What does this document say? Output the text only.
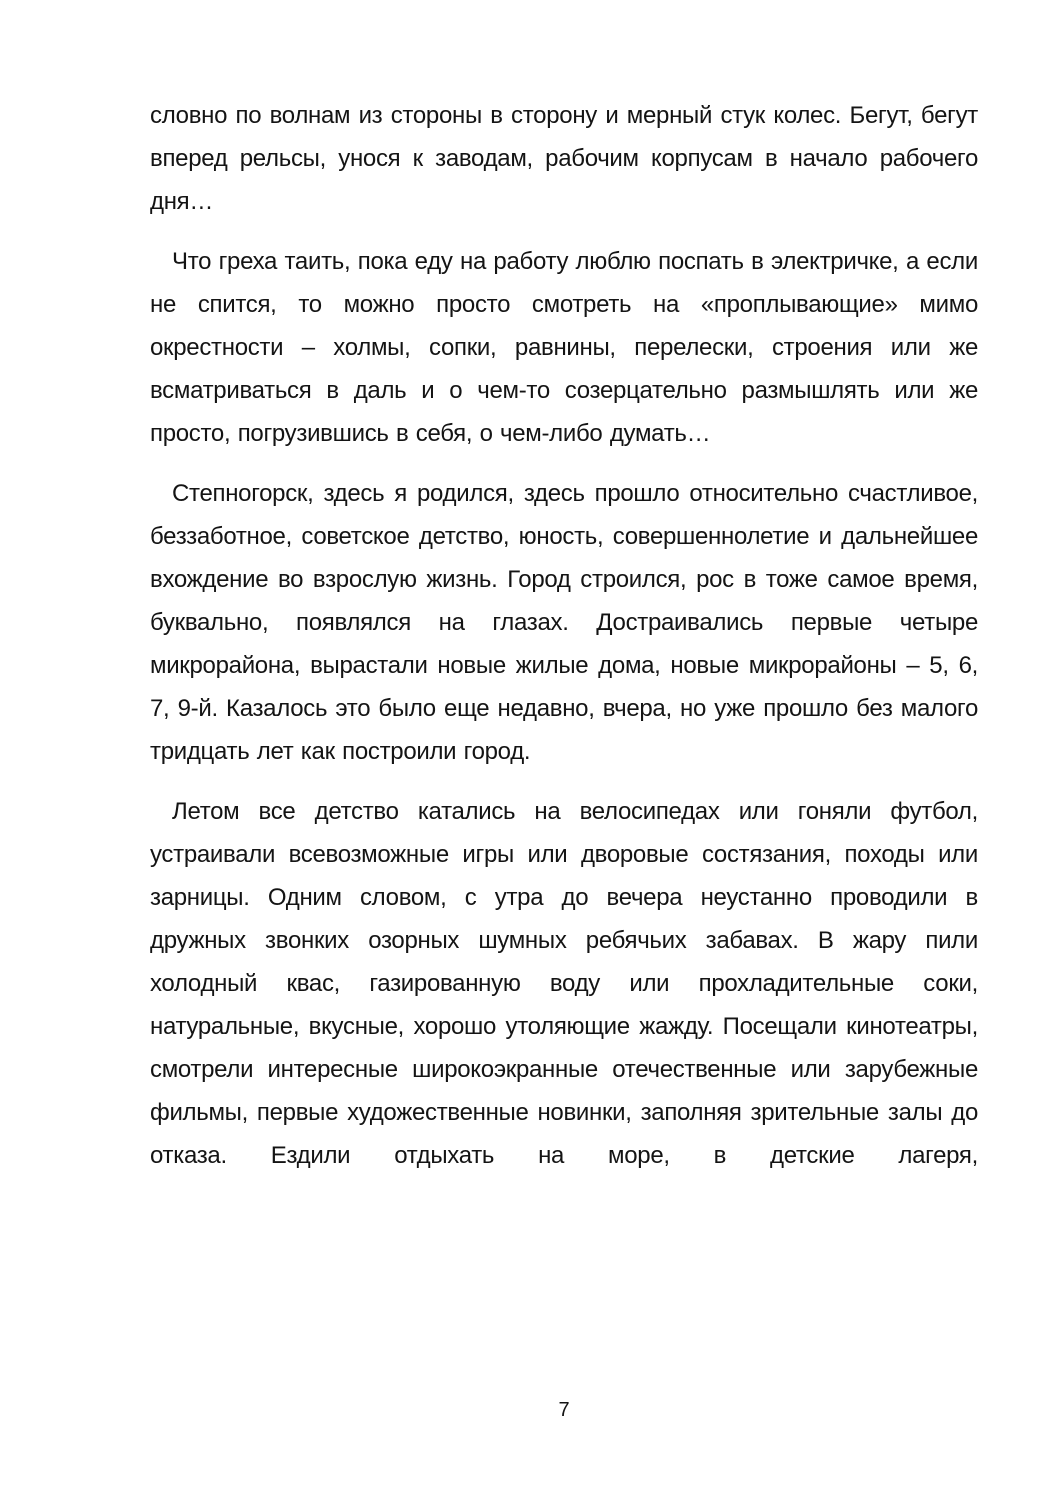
словно по волнам из стороны в сторону и мерный стук колес. Бегут, бегут вперед рельсы, унося к заводам, рабочим корпусам в начало рабочего дня…

Что греха таить, пока еду на работу люблю поспать в электричке, а если не спится, то можно просто смотреть на «проплывающие» мимо окрестности – холмы, сопки, равнины, перелески, строения или же всматриваться в даль и о чем-то созерцательно размышлять или же просто, погрузившись в себя, о чем-либо думать…

Степногорск, здесь я родился, здесь прошло относительно счастливое, беззаботное, советское детство, юность, совершеннолетие и дальнейшее вхождение во взрослую жизнь. Город строился, рос в тоже самое время, буквально, появлялся на глазах. Достраивались первые четыре микрорайона, вырастали новые жилые дома, новые микрорайоны – 5, 6, 7, 9-й. Казалось это было еще недавно, вчера, но уже прошло без малого тридцать лет как построили город.

Летом все детство катались на велосипедах или гоняли футбол, устраивали всевозможные игры или дворовые состязания, походы или зарницы. Одним словом, с утра до вечера неустанно проводили в дружных звонких озорных шумных ребячьих забавах. В жару пили холодный квас, газированную воду или прохладительные соки, натуральные, вкусные, хорошо утоляющие жажду. Посещали кинотеатры, смотрели интересные широкоэкранные отечественные или зарубежные фильмы, первые художественные новинки, заполняя зрительные залы до отказа. Ездили отдыхать на море, в детские лагеря,

7
